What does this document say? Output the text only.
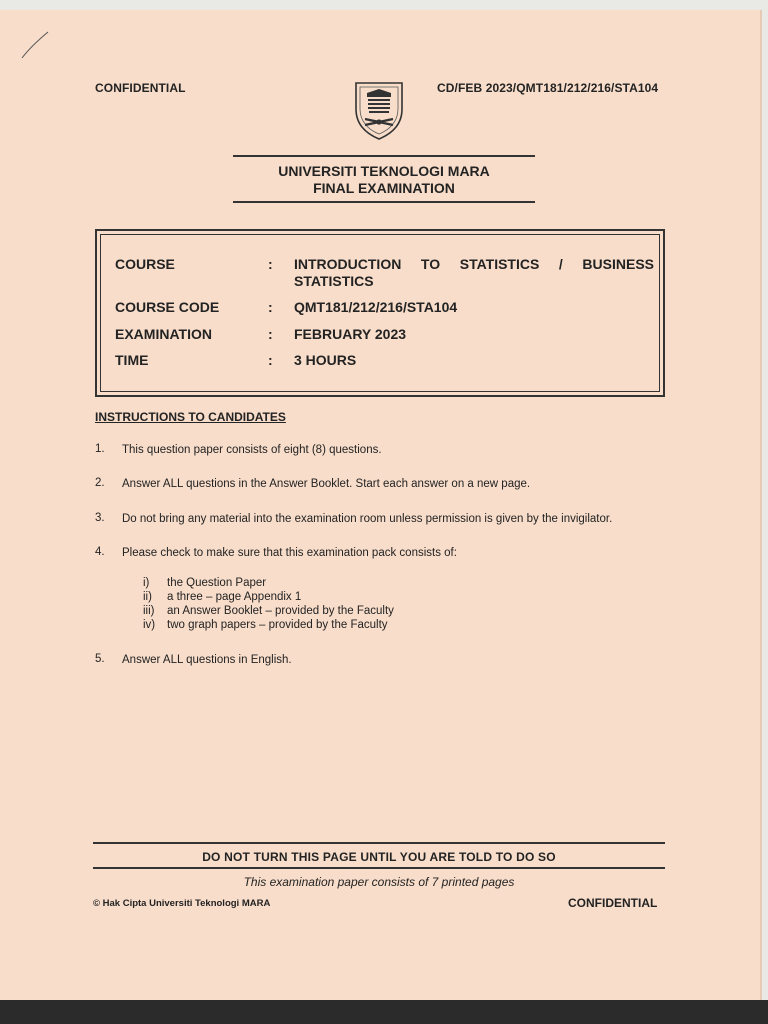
CONFIDENTIAL	CD/FEB 2023/QMT181/212/216/STA104
UNIVERSITI TEKNOLOGI MARA
FINAL EXAMINATION
COURSE	: INTRODUCTION TO STATISTICS / BUSINESS
STATISTICS
COURSE CODE	: QMT181/212/216/STA104
EXAMINATION	: FEBRUARY 2023
TIME	: 3 HOURS
INSTRUCTIONS TO CANDIDATES
1. This question paper consists of eight (8) questions.
2. Answer ALL questions in the Answer Booklet. Start each answer on a new page.
3. Do not bring any material into the examination room unless permission is given by the invigilator.
4. Please check to make sure that this examination pack consists of:
i) the Question Paper
ii) a three – page Appendix 1
iii) an Answer Booklet – provided by the Faculty
iv) two graph papers – provided by the Faculty
5. Answer ALL questions in English.
DO NOT TURN THIS PAGE UNTIL YOU ARE TOLD TO DO SO
This examination paper consists of 7 printed pages
© Hak Cipta Universiti Teknologi MARA	CONFIDENTIAL
